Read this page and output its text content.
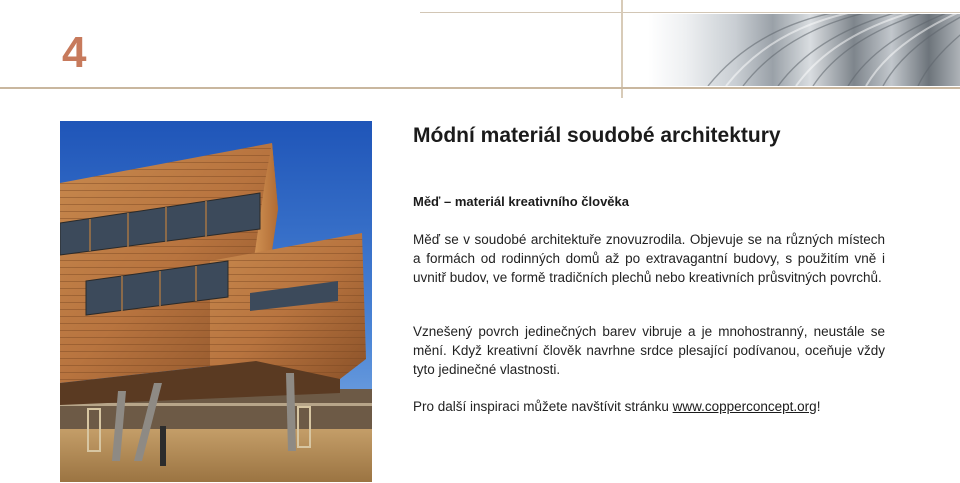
4
Módní materiál soudobé architektury
Měď – materiál kreativního člověka

Měď se v soudobé architektuře znovuzrodila. Objevuje se na různých místech a formách od rodinných domů až po extravagantní budovy, s použitím vně i uvnitř budov, ve formě tradičních plechů nebo kreativních průsvitných povrchů.

Vznešený povrch jedinečných barev vibruje a je mnohostranný, neustále se mění. Když kreativní člověk navrhne srdce plesající podívanou, oceňuje vždy tyto jedinečné vlastnosti.

Pro další inspiraci můžete navštívit stránku www.copperconcept.org!
